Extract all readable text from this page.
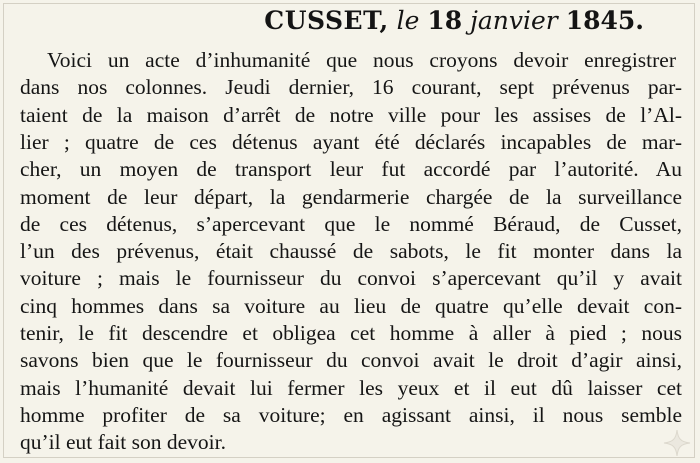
CUSSET, le 18 janvier 1845.
Voici un acte d’inhumanité que nous croyons devoir enregistrer
dans nos colonnes. Jeudi dernier, 16 courant, sept prévenus par-
taient de la maison d’arrêt de notre ville pour les assises de l’Al-
lier ; quatre de ces détenus ayant été déclarés incapables de mar-
cher, un moyen de transport leur fut accordé par l’autorité. Au
moment de leur départ, la gendarmerie chargée de la surveillance
de ces détenus, s’apercevant que le nommé Béraud, de Cusset,
l’un des prévenus, était chaussé de sabots, le fit monter dans la
voiture ; mais le fournisseur du convoi s’apercevant qu’il y avait
cinq hommes dans sa voiture au lieu de quatre qu’elle devait con-
tenir, le fit descendre et obligea cet homme à aller à pied ; nous
savons bien que le fournisseur du convoi avait le droit d’agir ainsi,
mais l’humanité devait lui fermer les yeux et il eut dû laisser cet
homme profiter de sa voiture; en agissant ainsi, il nous semble
qu’il eut fait son devoir.
